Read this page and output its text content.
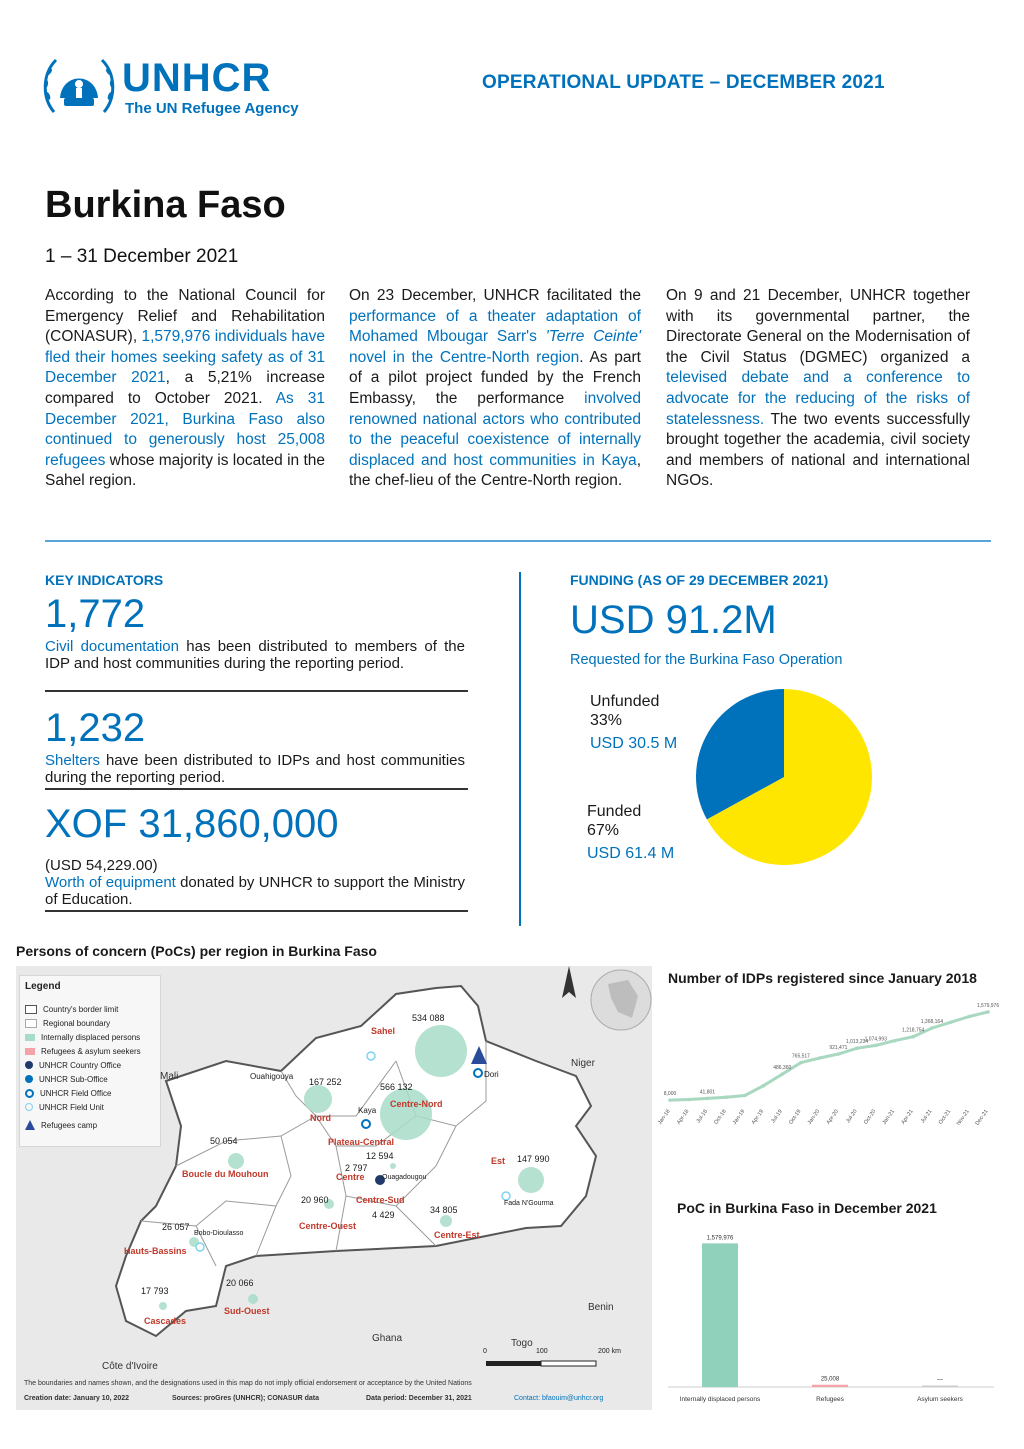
UNHCR
The UN Refugee Agency
OPERATIONAL UPDATE – DECEMBER 2021
Burkina Faso
1 – 31 December 2021
According to the National Council for Emergency Relief and Rehabilitation (CONASUR), 1,579,976 individuals have fled their homes seeking safety as of 31 December 2021, a 5,21% increase compared to October 2021. As 31 December 2021, Burkina Faso also continued to generously host 25,008 refugees whose majority is located in the Sahel region.
On 23 December, UNHCR facilitated the performance of a theater adaptation of Mohamed Mbougar Sarr's 'Terre Ceinte' novel in the Centre-North region. As part of a pilot project funded by the French Embassy, the performance involved renowned national actors who contributed to the peaceful coexistence of internally displaced and host communities in Kaya, the chef-lieu of the Centre-North region.
On 9 and 21 December, UNHCR together with its governmental partner, the Directorate General on the Modernisation of the Civil Status (DGMEC) organized a televised debate and a conference to advocate for the reducing of the risks of statelessness. The two events successfully brought together the academia, civil society and members of national and international NGOs.
KEY INDICATORS
1,772
Civil documentation has been distributed to members of the IDP and host communities during the reporting period.
1,232
Shelters have been distributed to IDPs and host communities during the reporting period.
XOF 31,860,000
(USD 54,229.00)
Worth of equipment donated by UNHCR to support the Ministry of Education.
FUNDING (AS OF 29 DECEMBER 2021)
USD 91.2M
Requested for the Burkina Faso Operation
Unfunded
33%
USD 30.5 M
Funded
67%
USD 61.4 M
Persons of concern (PoCs) per region in Burkina Faso
Legend
Country's border limit
Regional boundary
Internally displaced persons
Refugees & asylum seekers
UNHCR Country Office
UNHCR Sub-Office
UNHCR Field Office
UNHCR Field Unit
Refugees camp
Mali
Niger
Benin
Togo
Ghana
Côte d'Ivoire
Sahel
Nord
Centre-Nord
Plateau-Central
Centre
Est
Boucle du Mouhoun
Centre-Sud
Centre-Ouest
Centre-Est
Hauts-Bassins
Sud-Ouest
Cascades
Ouahigouya
Kaya
Dori
Ouagadougou
Fada N'Gourma
Bobo-Dioulasso
534 088
167 252	566 132
50 054
12 594
2 797
147 990
20 960
4 429	34 805
26 057
20 066
17 793
0	100	200 km
The boundaries and names shown, and the designations used in this map do not imply official endorsement or acceptance by the United Nations
Creation date: January 10, 2022	Sources: proGres (UNHCR); CONASUR data	Data period: December 31, 2021	Contact: bfaouim@unhcr.org
Number of IDPs registered since January 2018
8,000
Jan-18 Apr-18
41,801
Jul-18 Oct-18 Jan-19 Apr-19
486,360
Jul-19
765,517
Oct-19 Jan-20
921,471
Apr-20
1,013,234
Jul-20
1,074,993
Oct-20 Jan-21
1,218,754
Apr-21
1,368,164
Jul-21 Oct-21 Nov-21
1,579,976
Dec-21
PoC in Burkina Faso in December 2021
1,579,976
Internally displaced persons
25,008
Refugees
—
Asylum seekers
